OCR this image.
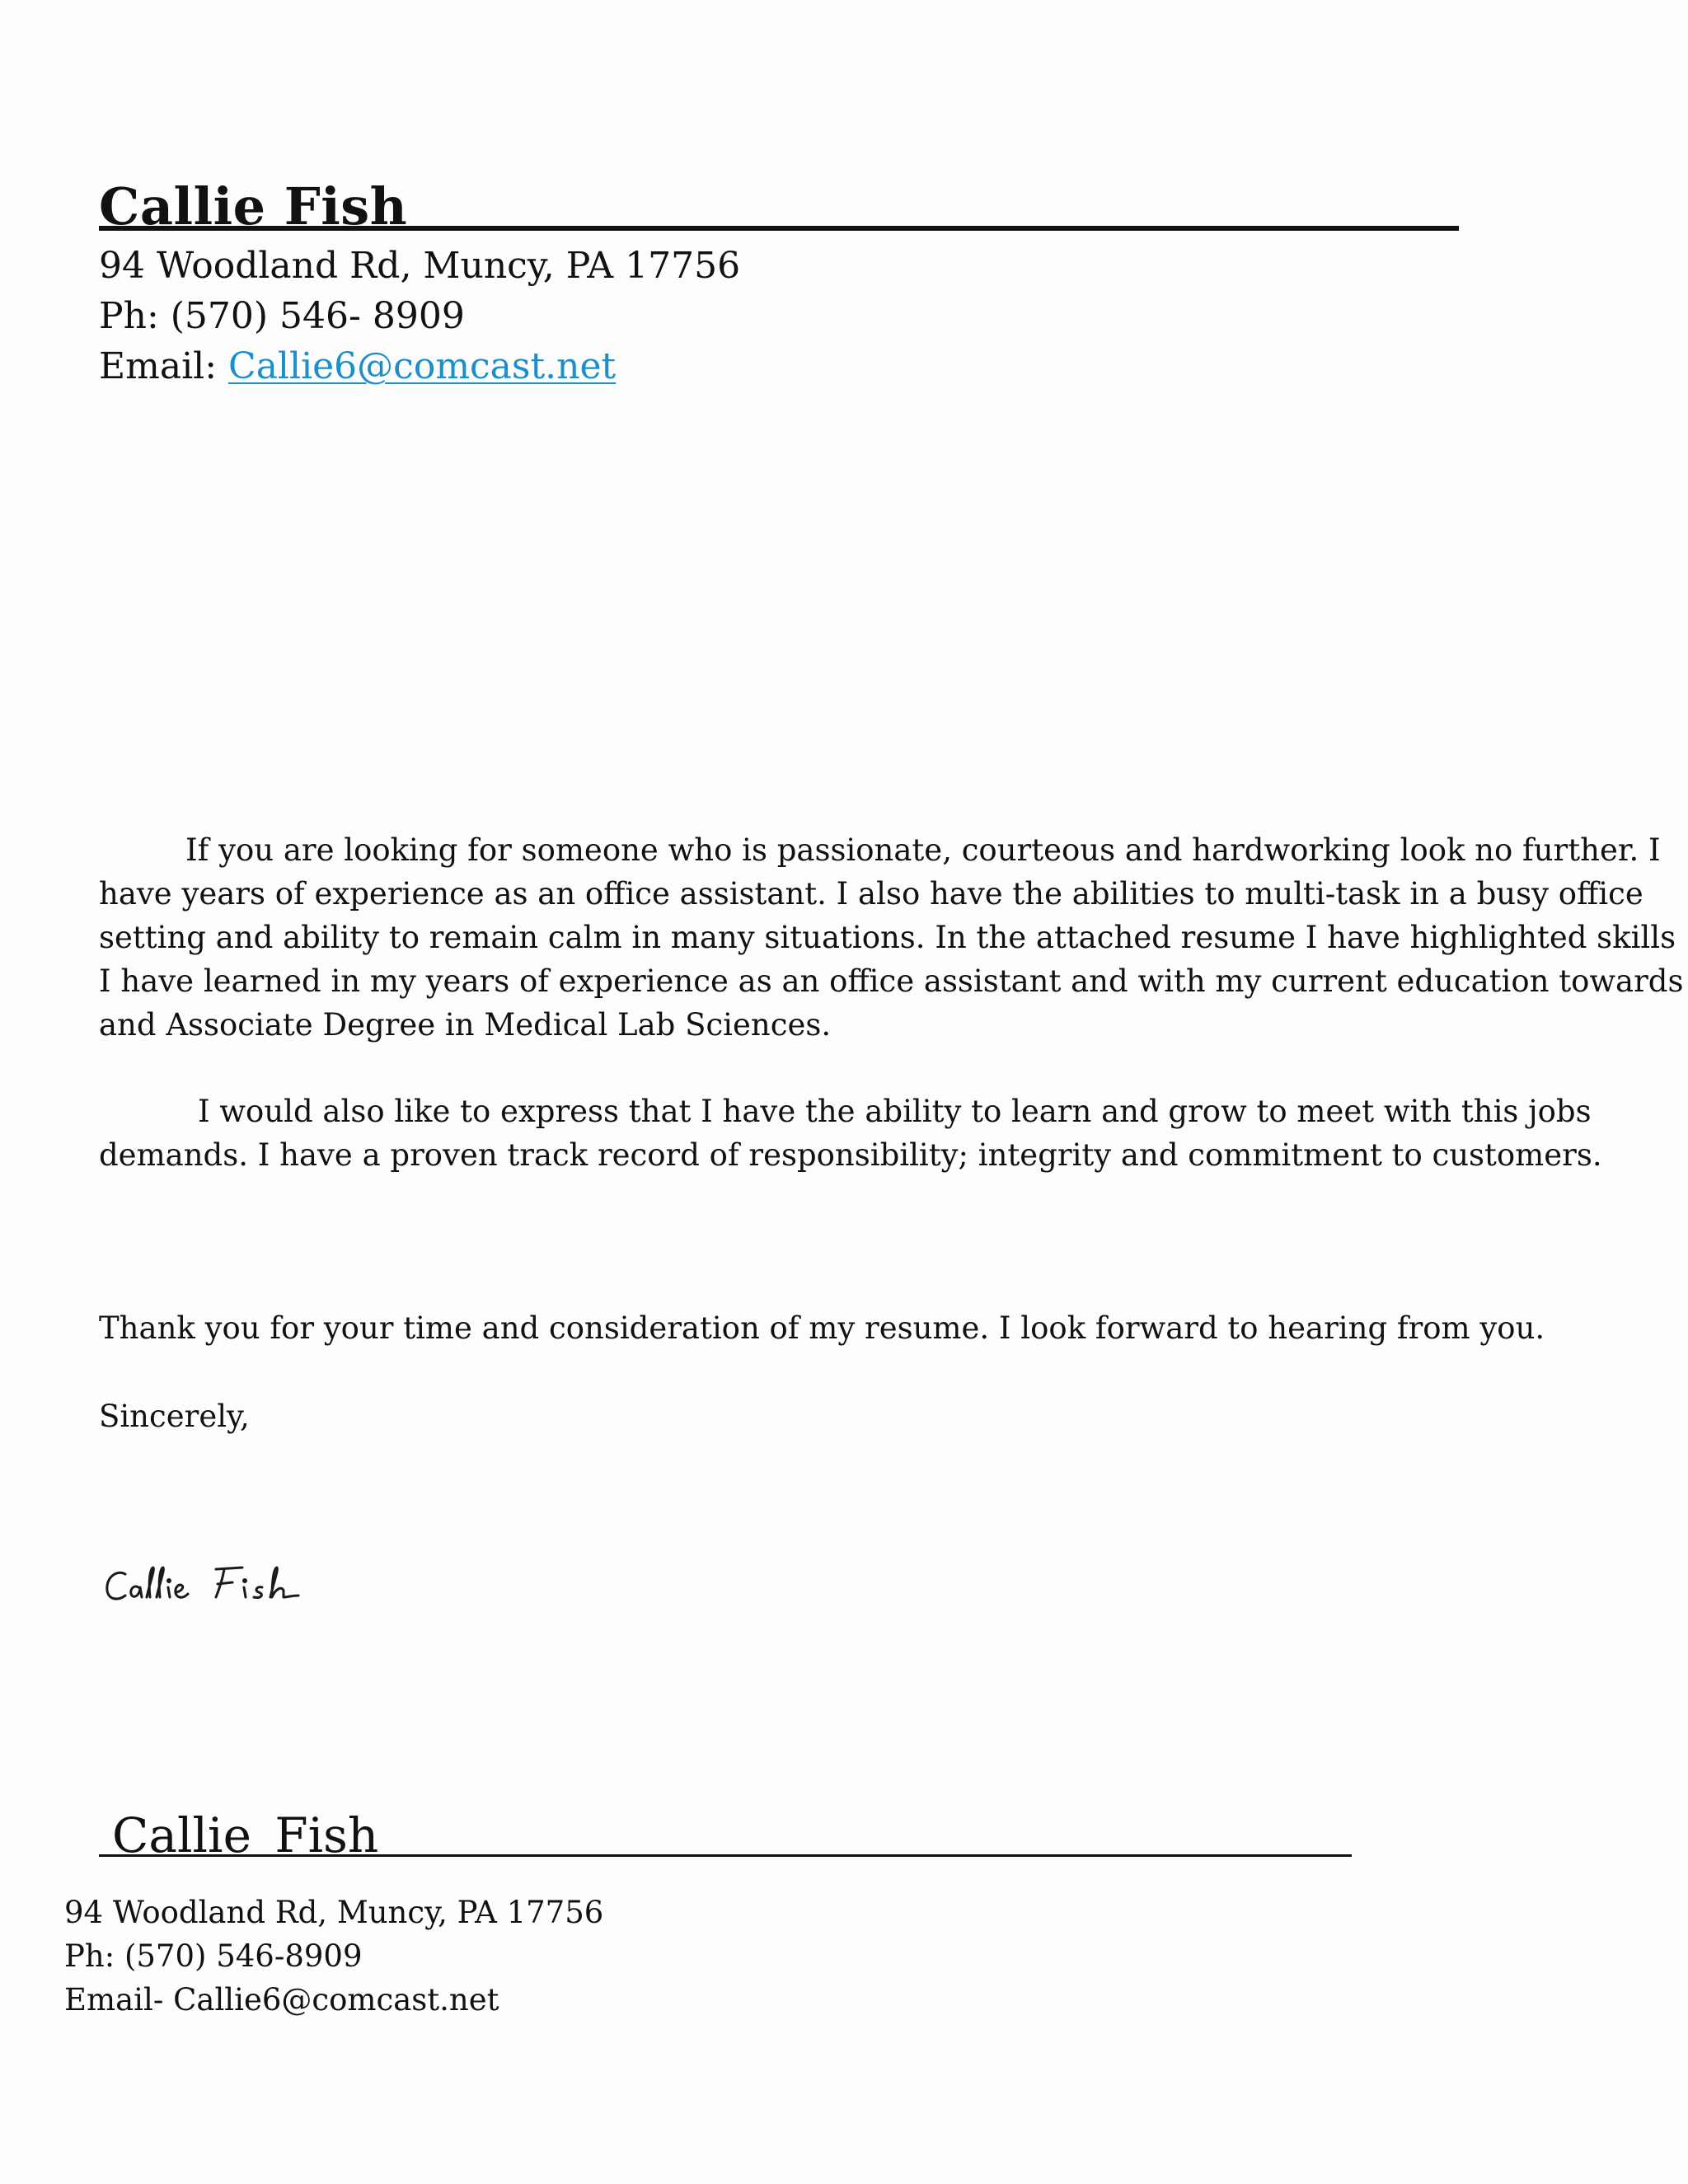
Callie Fish
94 Woodland Rd, Muncy, PA 17756
Ph: (570) 546- 8909
Email: Callie6@comcast.net
If you are looking for someone who is passionate, courteous and hardworking look no further. I
have years of experience as an office assistant. I also have the abilities to multi-task in a busy office
setting and ability to remain calm in many situations. In the attached resume I have highlighted skills
I have learned in my years of experience as an office assistant and with my current education towards
and Associate Degree in Medical Lab Sciences.
I would also like to express that I have the ability to learn and grow to meet with this jobs
demands. I have a proven track record of responsibility; integrity and commitment to customers.
Thank you for your time and consideration of my resume. I look forward to hearing from you.
Sincerely,
Callie Fish
94 Woodland Rd, Muncy, PA 17756
Ph: (570) 546-8909
Email- Callie6@comcast.net
